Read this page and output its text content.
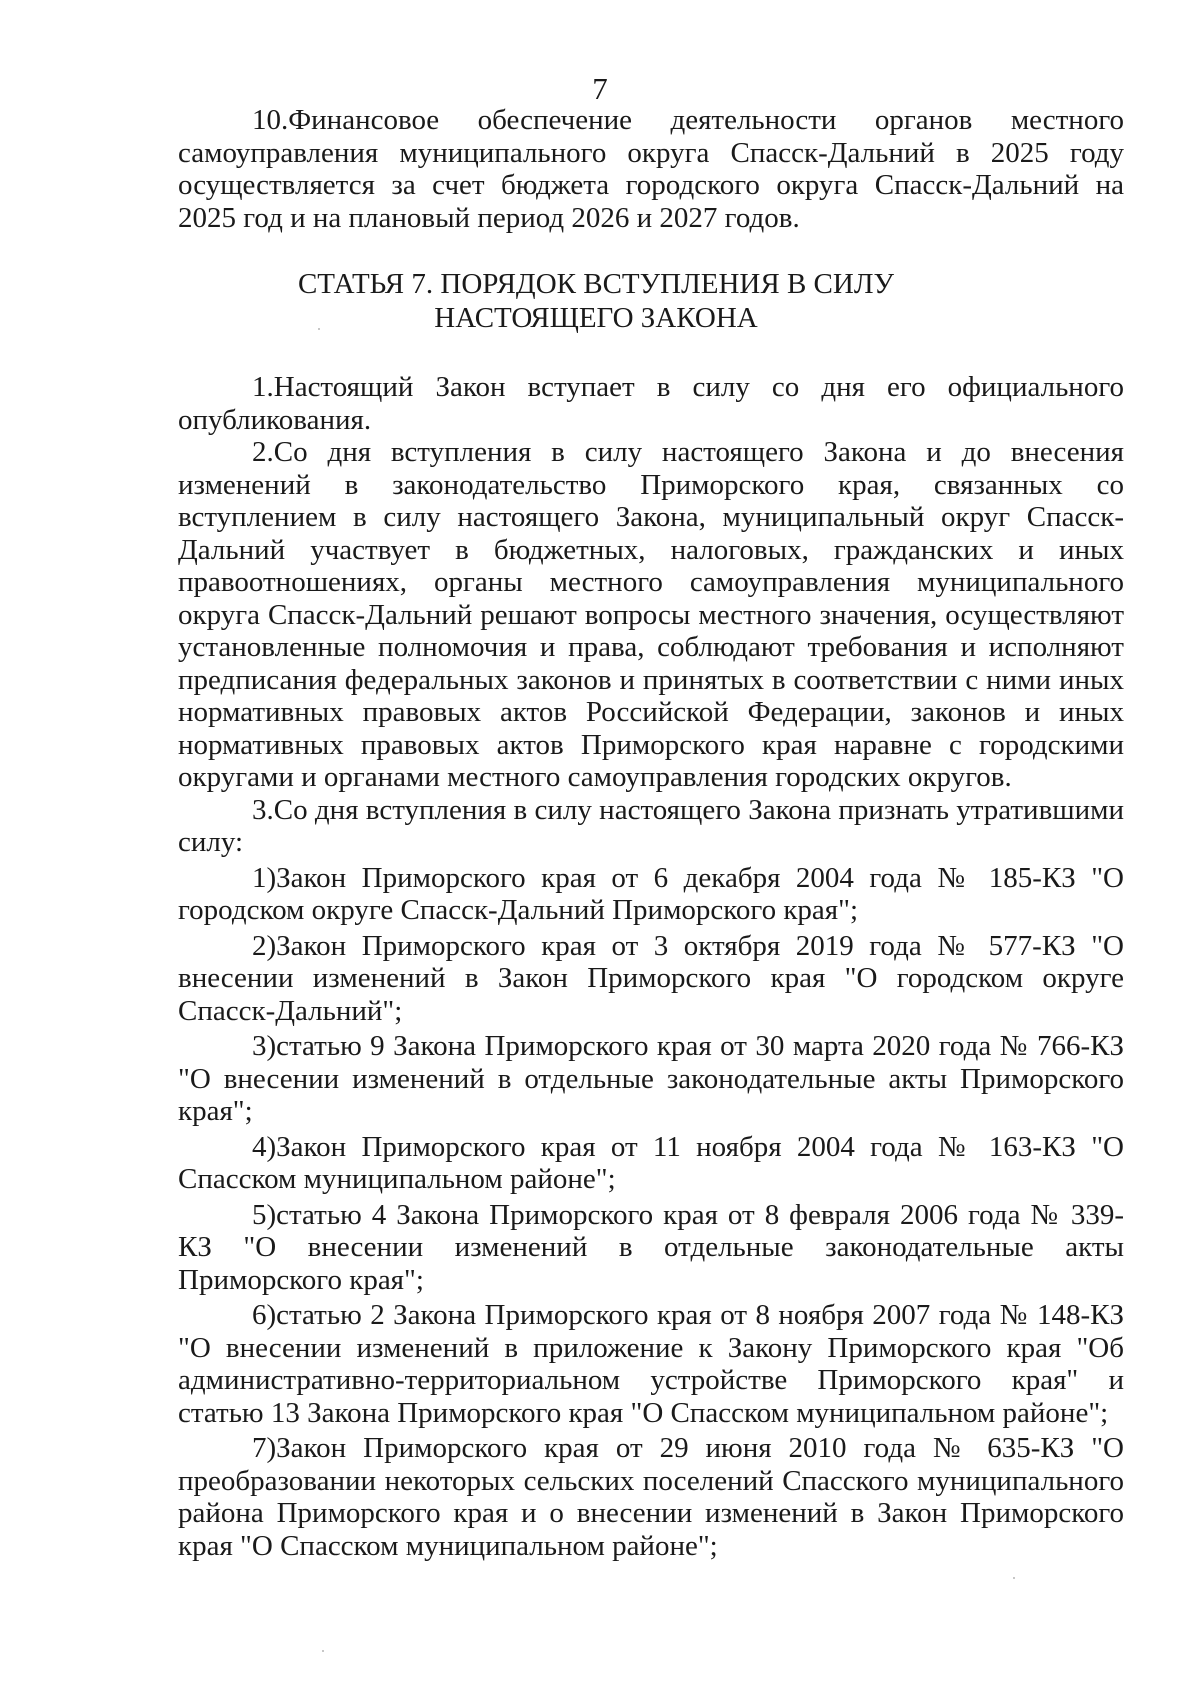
7

10.Финансовое обеспечение деятельности органов местного самоуправления муниципального округа Спасск-Дальний в 2025 году осуществляется за счет бюджета городского округа Спасск-Дальний на 2025 год и на плановый период 2026 и 2027 годов.

СТАТЬЯ 7. ПОРЯДОК ВСТУПЛЕНИЯ В СИЛУ
НАСТОЯЩЕГО ЗАКОНА

1.Настоящий Закон вступает в силу со дня его официального опубликования.

2.Со дня вступления в силу настоящего Закона и до внесения изменений в законодательство Приморского края, связанных со вступлением в силу настоящего Закона, муниципальный округ Спасск-Дальний участвует в бюджетных, налоговых, гражданских и иных правоотношениях, органы местного самоуправления муниципального округа Спасск-Дальний решают вопросы местного значения, осуществляют установленные полномочия и права, соблюдают требования и исполняют предписания федеральных законов и принятых в соответствии с ними иных нормативных правовых актов Российской Федерации, законов и иных нормативных правовых актов Приморского края наравне с городскими округами и органами местного самоуправления городских округов.

3.Со дня вступления в силу настоящего Закона признать утратившими силу:

1)Закон Приморского края от 6 декабря 2004 года № 185-КЗ "О городском округе Спасск-Дальний Приморского края";

2)Закон Приморского края от 3 октября 2019 года № 577-КЗ "О внесении изменений в Закон Приморского края "О городском округе Спасск-Дальний";

3)статью 9 Закона Приморского края от 30 марта 2020 года № 766-КЗ "О внесении изменений в отдельные законодательные акты Приморского края";

4)Закон Приморского края от 11 ноября 2004 года № 163-КЗ "О Спасском муниципальном районе";

5)статью 4 Закона Приморского края от 8 февраля 2006 года № 339-КЗ "О внесении изменений в отдельные законодательные акты Приморского края";

6)статью 2 Закона Приморского края от 8 ноября 2007 года № 148-КЗ "О внесении изменений в приложение к Закону Приморского края "Об административно-территориальном устройстве Приморского края" и статью 13 Закона Приморского края "О Спасском муниципальном районе";

7)Закон Приморского края от 29 июня 2010 года № 635-КЗ "О преобразовании некоторых сельских поселений Спасского муниципального района Приморского края и о внесении изменений в Закон Приморского края "О Спасском муниципальном районе";
